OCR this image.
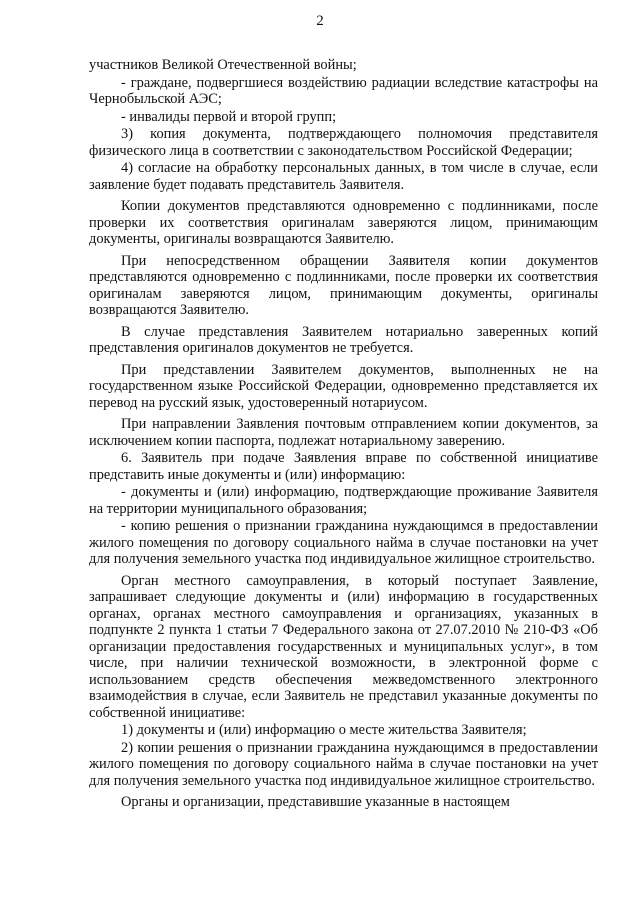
2

участников Великой Отечественной войны;

- граждане, подвергшиеся воздействию радиации вследствие катастрофы на Чернобыльской АЭС;

- инвалиды первой и второй групп;

3) копия документа, подтверждающего полномочия представителя физического лица в соответствии с законодательством Российской Федерации;

4) согласие на обработку персональных данных, в том числе в случае, если заявление будет подавать представитель Заявителя.

Копии документов представляются одновременно с подлинниками, после проверки их соответствия оригиналам заверяются лицом, принимающим документы, оригиналы возвращаются Заявителю.

При непосредственном обращении Заявителя копии документов представляются одновременно с подлинниками, после проверки их соответствия оригиналам заверяются лицом, принимающим документы, оригиналы возвращаются Заявителю.

В случае представления Заявителем нотариально заверенных копий представления оригиналов документов не требуется.

При представлении Заявителем документов, выполненных не на государственном языке Российской Федерации, одновременно представляется их перевод на русский язык, удостоверенный нотариусом.

При направлении Заявления почтовым отправлением копии документов, за исключением копии паспорта, подлежат нотариальному заверению.

6. Заявитель при подаче Заявления вправе по собственной инициативе представить иные документы и (или) информацию:

- документы и (или) информацию, подтверждающие проживание Заявителя на территории муниципального образования;

- копию решения о признании гражданина нуждающимся в предоставлении жилого помещения по договору социального найма в случае постановки на учет для получения земельного участка под индивидуальное жилищное строительство.

Орган местного самоуправления, в который поступает Заявление, запрашивает следующие документы и (или) информацию в государственных органах, органах местного самоуправления и организациях, указанных в подпункте 2 пункта 1 статьи 7 Федерального закона от 27.07.2010 № 210-ФЗ «Об организации предоставления государственных и муниципальных услуг», в том числе, при наличии технической возможности, в электронной форме с использованием средств обеспечения межведомственного электронного взаимодействия в случае, если Заявитель не представил указанные документы по собственной инициативе:

1) документы и (или) информацию о месте жительства Заявителя;

2) копии решения о признании гражданина нуждающимся в предоставлении жилого помещения по договору социального найма в случае постановки на учет для получения земельного участка под индивидуальное жилищное строительство.

Органы и организации, представившие указанные в настоящем
